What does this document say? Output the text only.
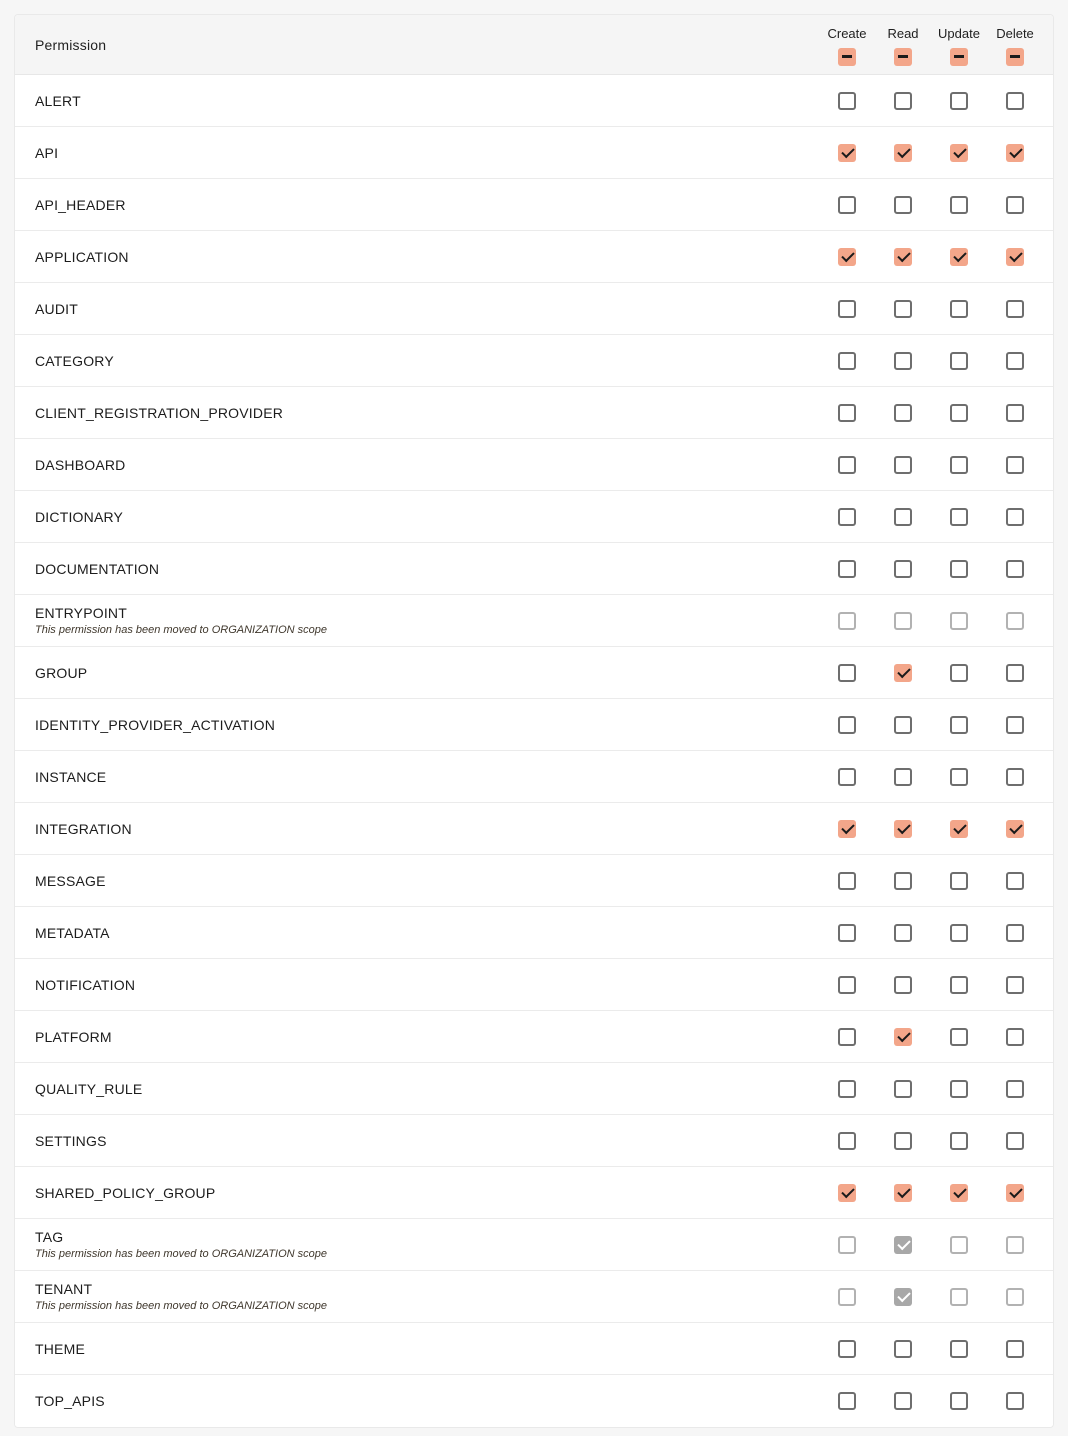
Permission
Create Read Update Delete
ALERT
API
API_HEADER
APPLICATION
AUDIT
CATEGORY
CLIENT_REGISTRATION_PROVIDER
DASHBOARD
DICTIONARY
DOCUMENTATION
ENTRYPOINT
This permission has been moved to ORGANIZATION scope
GROUP
IDENTITY_PROVIDER_ACTIVATION
INSTANCE
INTEGRATION
MESSAGE
METADATA
NOTIFICATION
PLATFORM
QUALITY_RULE
SETTINGS
SHARED_POLICY_GROUP
TAG
This permission has been moved to ORGANIZATION scope
TENANT
This permission has been moved to ORGANIZATION scope
THEME
TOP_APIS
